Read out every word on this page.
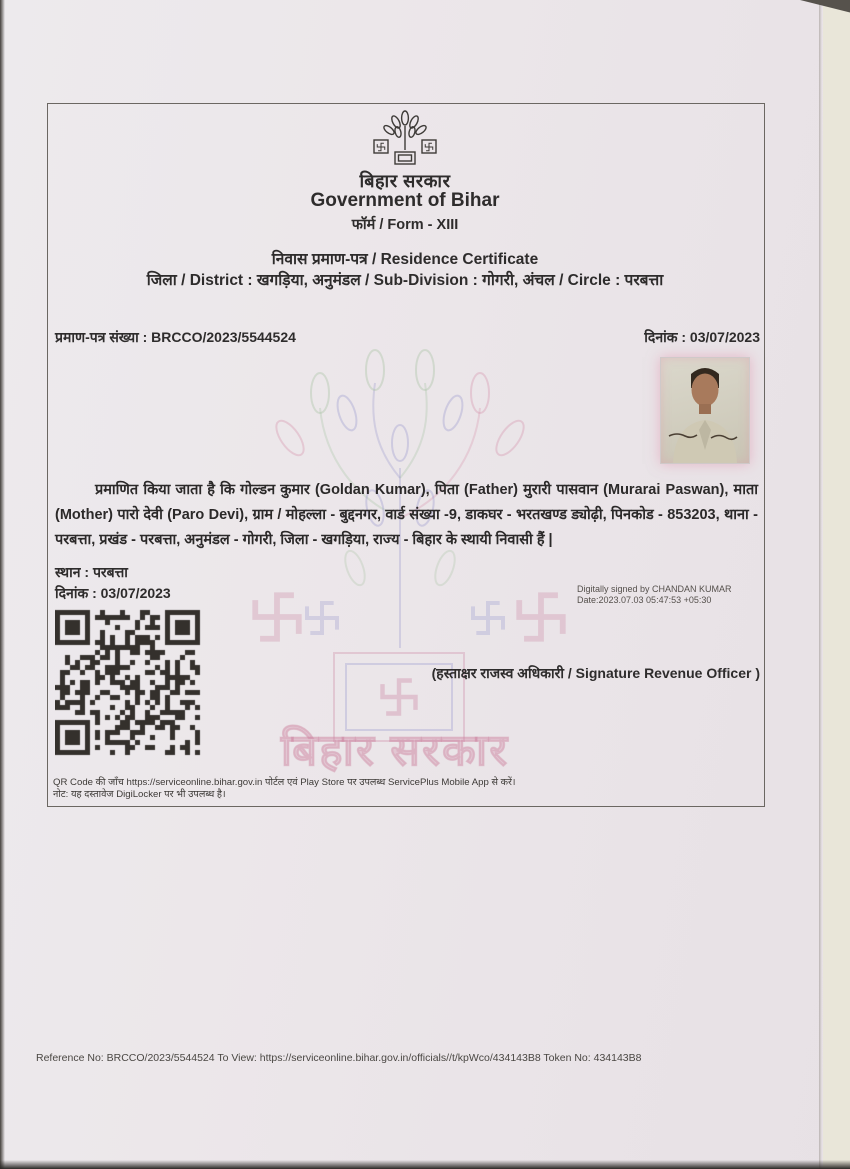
बिहार सरकार
बिहार सरकार
Government of Bihar
फॉर्म / Form - XIII
निवास प्रमाण-पत्र / Residence Certificate
जिला / District : खगड़िया, अनुमंडल / Sub-Division : गोगरी, अंचल / Circle : परबत्ता
प्रमाण-पत्र संख्या : BRCCO/2023/5544524	दिनांक : 03/07/2023
प्रमाणित किया जाता है कि गोल्डन कुमार (Goldan Kumar), पिता (Father) मुरारी पासवान (Murarai Paswan), माता (Mother) पारो देवी (Paro Devi), ग्राम / मोहल्ला - बुद्दनगर, वार्ड संख्या -9, डाकघर - भरतखण्ड ड्योढ़ी, पिनकोड - 853203, थाना - परबत्ता, प्रखंड - परबत्ता, अनुमंडल - गोगरी, जिला - खगड़िया, राज्य - बिहार के स्थायी निवासी हैं |
स्थान : परबत्ता
दिनांक : 03/07/2023	Digitally signed by CHANDAN KUMAR
Date:2023.07.03 05:47:53 +05:30
(हस्ताक्षर राजस्व अधिकारी / Signature Revenue Officer )
QR Code की जाँच https://serviceonline.bihar.gov.in पोर्टल एवं Play Store पर उपलब्ध ServicePlus Mobile App से करें।
नोट: यह दस्तावेज DigiLocker पर भी उपलब्ध है।
Reference No: BRCCO/2023/5544524 To View: https://serviceonline.bihar.gov.in/officials//t/kpWco/434143B8 Token No: 434143B8
